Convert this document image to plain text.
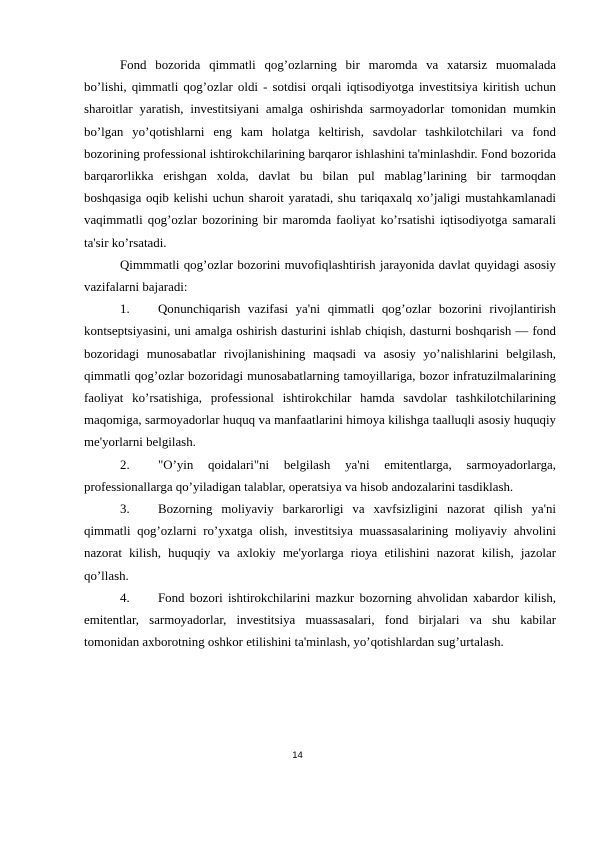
Fond bozorida qimmatli qog’ozlarning bir maromda va xatarsiz muomalada bo’lishi, qimmatli qog’ozlar oldi - sotdisi orqali iqtisodiyotga investitsiya kiritish uchun sharoitlar yaratish, investitsiyani amalga oshirishda sarmoyadorlar tomonidan mumkin bo’lgan yo’qotishlarni eng kam holatga keltirish, savdolar tashkilotchilari va fond bozorining professional ishtirokchilarining barqaror ishlashini ta'minlashdir. Fond bozorida barqarorlikka erishgan xolda, davlat bu bilan pul mablag’larining bir tarmoqdan boshqasiga oqib kelishi uchun sharoit yaratadi, shu tariqaxalq xo’jaligi mustahkamlanadi vaqimmatli qog’ozlar bozorining bir maromda faoliyat ko’rsatishi iqtisodiyotga samarali ta'sir ko’rsatadi.

Qimmmatli qog’ozlar bozorini muvofiqlashtirish jarayonida davlat quyidagi asosiy vazifalarni bajaradi:

1. Qonunchiqarish vazifasi ya'ni qimmatli qog’ozlar bozorini rivojlantirish kontseptsiyasini, uni amalga oshirish dasturini ishlab chiqish, dasturni boshqarish — fond bozoridagi munosabatlar rivojlanishining maqsadi va asosiy yo’nalishlarini belgilash, qimmatli qog’ozlar bozoridagi munosabatlarning tamoyillariga, bozor infratuzilmalarining faoliyat ko’rsatishiga, professional ishtirokchilar hamda savdolar tashkilotchilarining maqomiga, sarmoyadorlar huquq va manfaatlarini himoya kilishga taalluqli asosiy huquqiy me'yorlarni belgilash.

2. "O’yin qoidalari"ni belgilash ya'ni emitentlarga, sarmoyadorlarga, professionallarga qo’yiladigan talablar, operatsiya va hisob andozalarini tasdiklash.

3. Bozorning moliyaviy barkarorligi va xavfsizligini nazorat qilish ya'ni qimmatli qog’ozlarni ro’yxatga olish, investitsiya muassasalarining moliyaviy ahvolini nazorat kilish, huquqiy va axlokiy me'yorlarga rioya etilishini nazorat kilish, jazolar qo’llash.

4. Fond bozori ishtirokchilarini mazkur bozorning ahvolidan xabardor kilish, emitentlar, sarmoyadorlar, investitsiya muassasalari, fond birjalari va shu kabilar tomonidan axborotning oshkor etilishini ta'minlash, yo’qotishlardan sug’urtalash.

14
